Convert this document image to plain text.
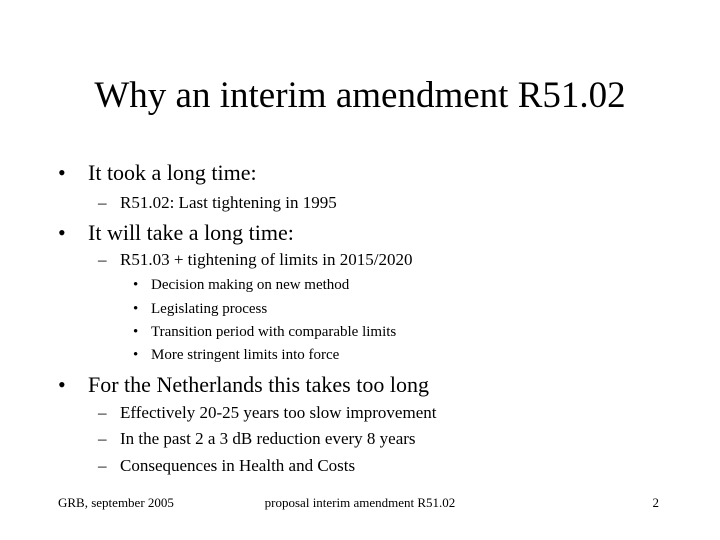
Why an interim amendment R51.02
• It took a long time:
– R51.02: Last tightening in 1995
• It will take a long time:
– R51.03 + tightening of limits in 2015/2020
• Decision making on new method
• Legislating process
• Transition period with comparable limits
• More stringent limits into force
• For the Netherlands this takes too long
– Effectively 20-25 years too slow improvement
– In the past 2 a 3 dB reduction every 8 years
– Consequences in Health and Costs
GRB, september 2005	proposal interim amendment R51.02	2
